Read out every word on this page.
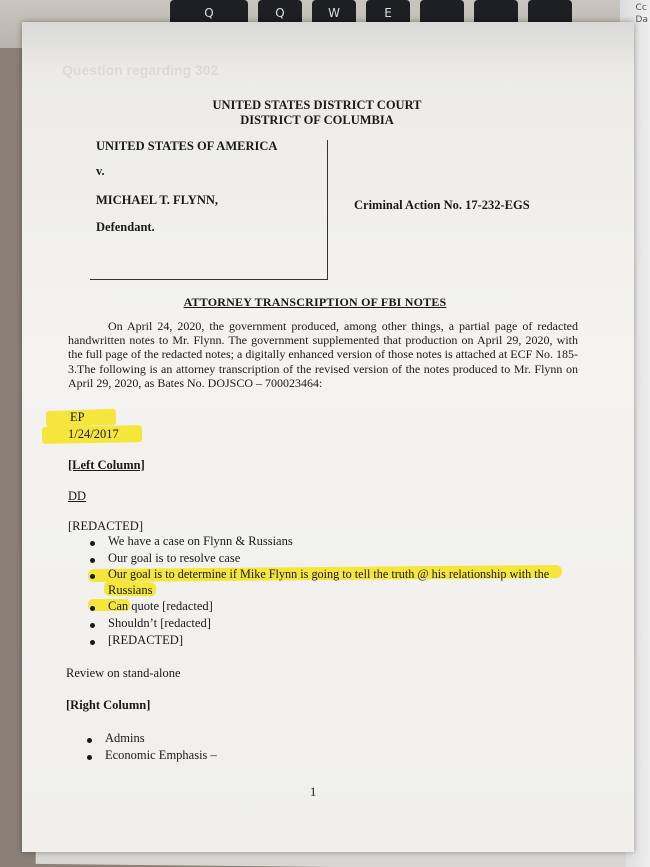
Q	Q	W	E	Cc
Da
Question regarding 302
UNITED STATES DISTRICT COURT
DISTRICT OF COLUMBIA
UNITED STATES OF AMERICA
v.
MICHAEL T. FLYNN,
Defendant.
Criminal Action No. 17-232-EGS
ATTORNEY TRANSCRIPTION OF FBI NOTES
On April 24, 2020, the government produced, among other things, a partial page of redacted handwritten notes to Mr. Flynn. The government supplemented that production on April 29, 2020, with the full page of the redacted notes; a digitally enhanced version of those notes is attached at ECF No. 185-3.The following is an attorney transcription of the revised version of the notes produced to Mr. Flynn on April 29, 2020, as Bates No. DOJSCO – 700023464:
EP
1/24/2017
[Left Column]
DD
[REDACTED]
We have a case on Flynn & Russians
Our goal is to resolve case
Our goal is to determine if Mike Flynn is going to tell the truth @ his relationship with the
Russians
Can quote [redacted]
Shouldn’t [redacted]
[REDACTED]
Review on stand-alone
[Right Column]
Admins
Economic Emphasis –
1
